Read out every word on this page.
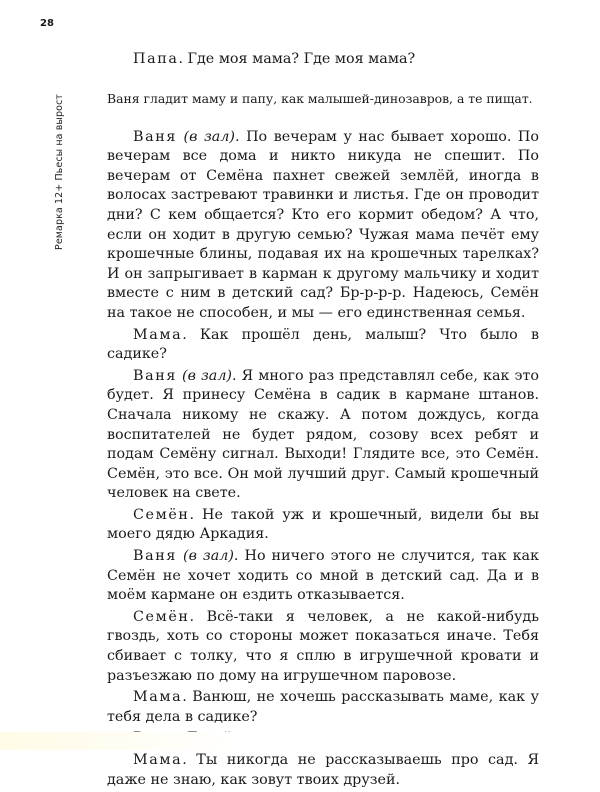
28
Ремарка 12+ Пьесы на вырост

Папа. Где моя мама? Где моя мама?

Ваня гладит маму и папу, как малышей-динозавров, а те пищат.

Ваня (в зал). По вечерам у нас бывает хорошо. По вечерам все дома и никто никуда не спешит. По вечерам от Семёна пахнет свежей землёй, иногда в волосах застревают травинки и листья. Где он проводит дни? С кем общается? Кто его кормит обедом? А что, если он ходит в другую семью? Чужая мама печёт ему крошечные блины, подавая их на крошечных тарелках? И он запрыгивает в карман к другому мальчику и ходит вместе с ним в детский сад? Бр-р-р-р. Надеюсь, Семён на такое не способен, и мы — его единственная семья.

Мама. Как прошёл день, малыш? Что было в садике?

Ваня (в зал). Я много раз представлял себе, как это будет. Я принесу Семёна в садик в кармане штанов. Сначала никому не скажу. А потом дождусь, когда воспитателей не будет рядом, созову всех ребят и подам Семёну сигнал. Выходи! Глядите все, это Семён. Семён, это все. Он мой лучший друг. Самый крошечный человек на свете.

Семён. Не такой уж и крошечный, видели бы вы моего дядю Аркадия.

Ваня (в зал). Но ничего этого не случится, так как Семён не хочет ходить со мной в детский сад. Да и в моём кармане он ездить отказывается.

Семён. Всё-таки я человек, а не какой-нибудь гвоздь, хоть со стороны может показаться иначе. Тебя сбивает с толку, что я сплю в игрушечной кровати и разъезжаю по дому на игрушечном паровозе.

Мама. Ванюш, не хочешь рассказывать маме, как у тебя дела в садике?

Мама. Ты никогда не рассказываешь про сад. Я даже не знаю, как зовут твоих друзей.
